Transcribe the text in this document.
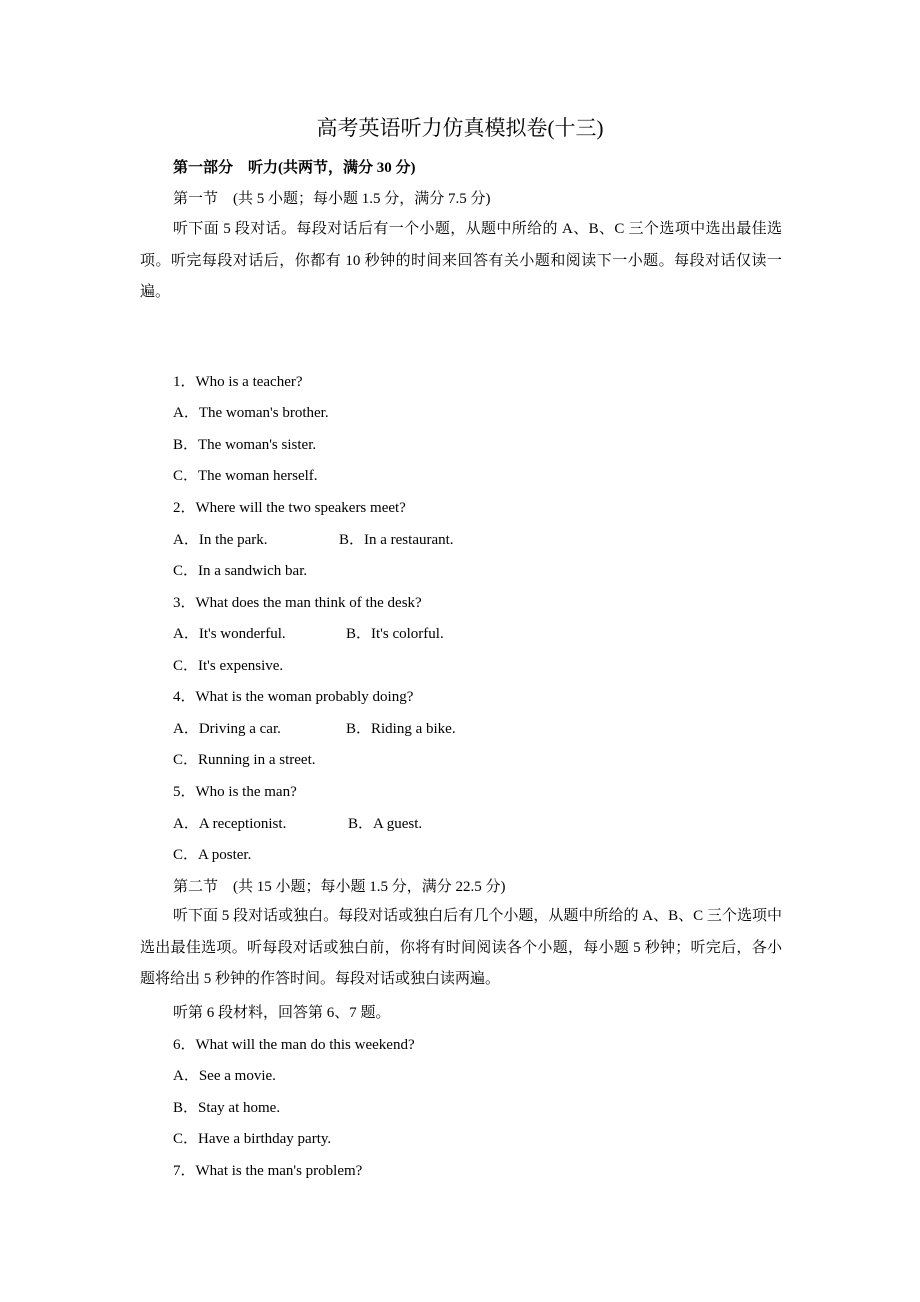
高考英语听力仿真模拟卷(十三)
第一部分　听力(共两节，满分 30 分)
第一节　(共 5 小题；每小题 1.5 分，满分 7.5 分)
听下面 5 段对话。每段对话后有一个小题，从题中所给的 A、B、C 三个选项中选出最佳选项。听完每段对话后，你都有 10 秒钟的时间来回答有关小题和阅读下一小题。每段对话仅读一遍。
1．Who is a teacher?
A．The woman's brother.
B．The woman's sister.
C．The woman herself.
2．Where will the two speakers meet?
A．In the park.	B．In a restaurant.
C．In a sandwich bar.
3．What does the man think of the desk?
A．It's wonderful.	B．It's colorful.
C．It's expensive.
4．What is the woman probably doing?
A．Driving a car.	B．Riding a bike.
C．Running in a street.
5．Who is the man?
A．A receptionist.	B．A guest.
C．A poster.
第二节　(共 15 小题；每小题 1.5 分，满分 22.5 分)
听下面 5 段对话或独白。每段对话或独白后有几个小题，从题中所给的 A、B、C 三个选项中选出最佳选项。听每段对话或独白前，你将有时间阅读各个小题，每小题 5 秒钟；听完后，各小题将给出 5 秒钟的作答时间。每段对话或独白读两遍。
听第 6 段材料，回答第 6、7 题。
6．What will the man do this weekend?
A．See a movie.
B．Stay at home.
C．Have a birthday party.
7．What is the man's problem?
